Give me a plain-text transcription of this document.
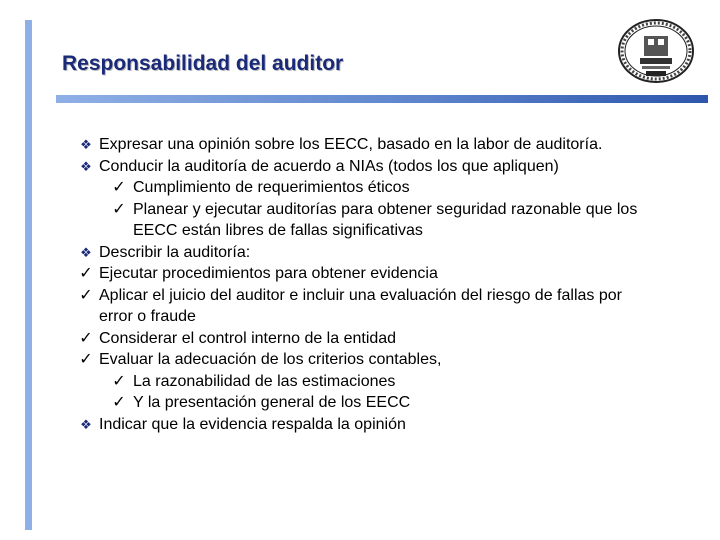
Responsabilidad del auditor
❖ Expresar una opinión sobre los EECC, basado en la labor de auditoría.
❖ Conducir la auditoría de acuerdo a NIAs (todos los que apliquen)
✓ Cumplimiento de requerimientos éticos
✓ Planear y ejecutar auditorías para obtener seguridad razonable que los EECC están libres de fallas significativas
❖ Describir la auditoría:
✓ Ejecutar procedimientos para obtener evidencia
✓ Aplicar el juicio del auditor e incluir una evaluación del riesgo de fallas por error o fraude
✓ Considerar el control interno de la entidad
✓ Evaluar la adecuación de los criterios contables,
✓ La razonabilidad de las estimaciones
✓ Y la presentación general de los EECC
❖ Indicar que la evidencia respalda la opinión
